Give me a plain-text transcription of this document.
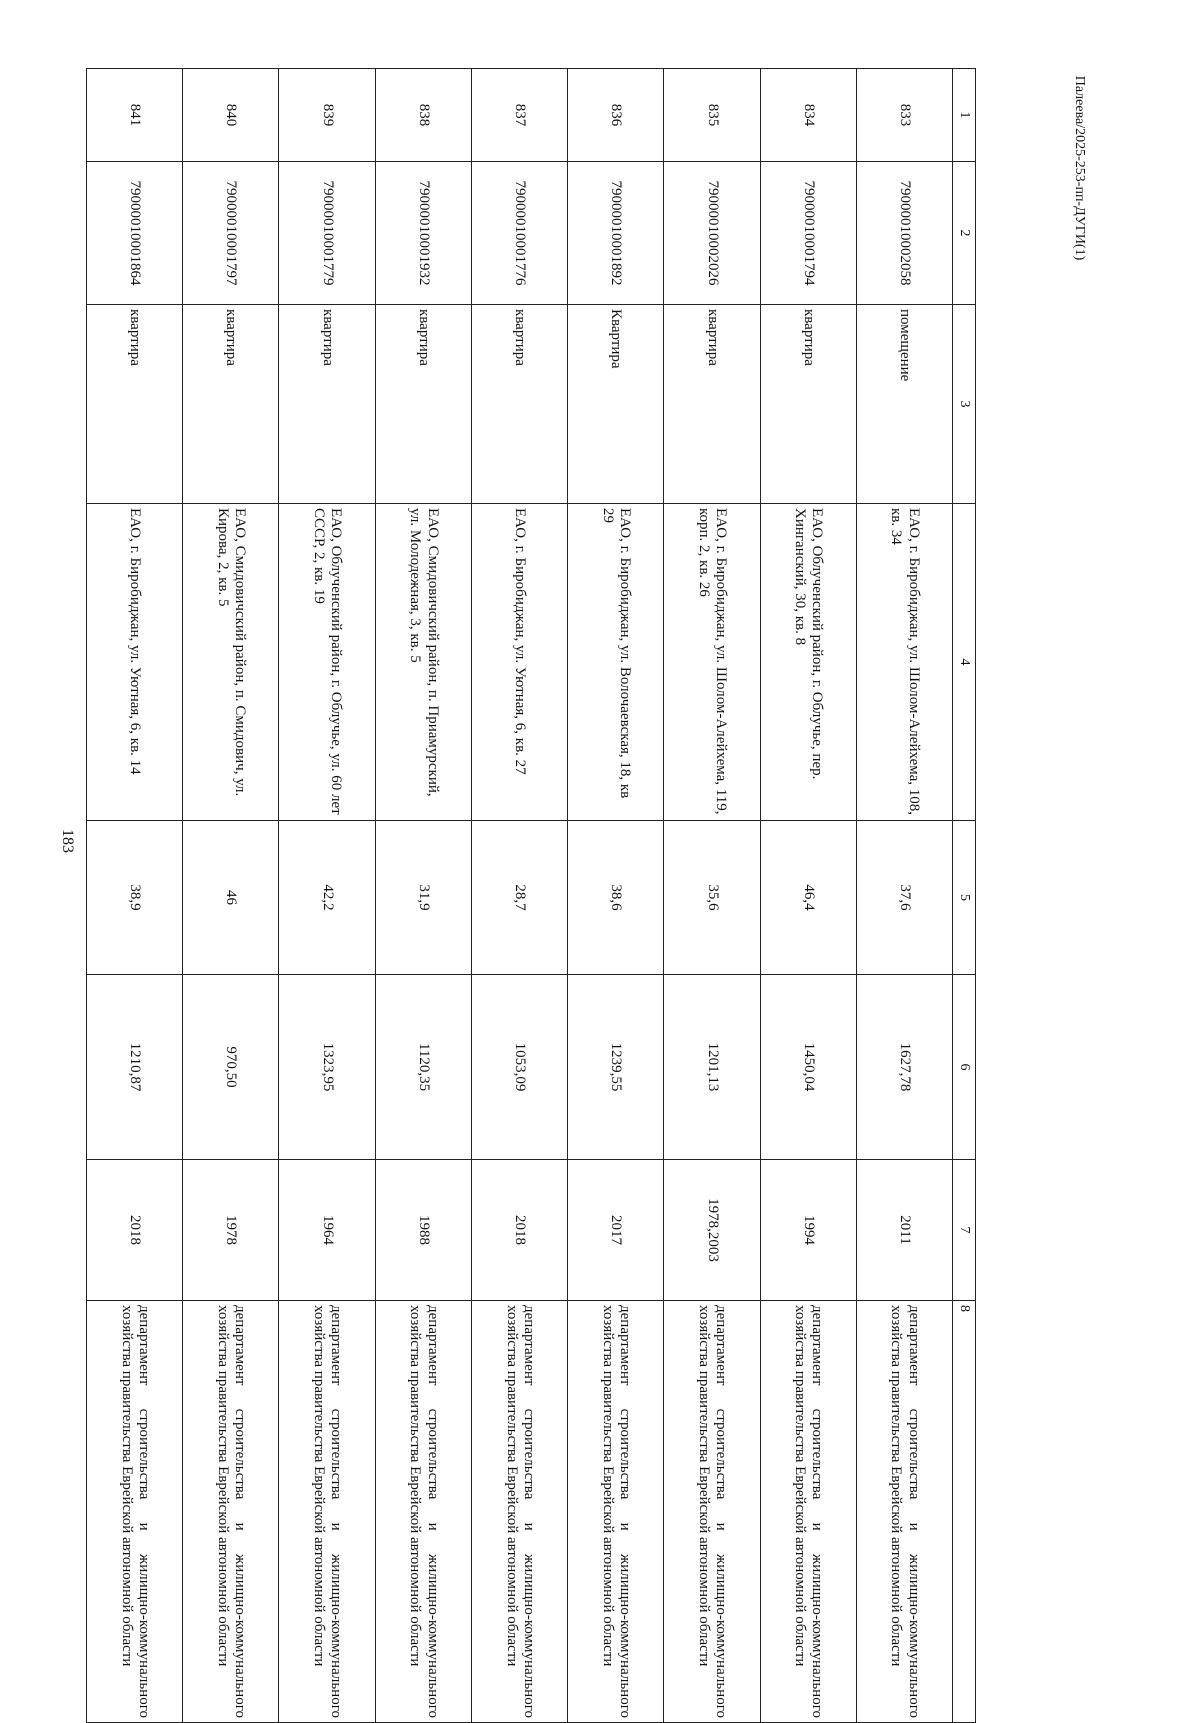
183
1	2	3	4	5	6	7	8
833	79000010002058	помещение	ЕАО, г. Биробиджан, ул. Шолом-Алейхема, 108, кв. 34	37,6	1627,78	2011	департамент строительства и жилищно-коммунального хозяйства правительства Еврейской автономной области
834	79000010001794	квартира	ЕАО, Облученский район, г. Облучье, пер. Хинганский, 30, кв. 8	46,4	1450,04	1994	департамент строительства и жилищно-коммунального хозяйства правительства Еврейской автономной области
835	79000010002026	квартира	ЕАО, г. Биробиджан, ул. Шолом-Алейхема, 119, корп. 2, кв. 26	35,6	1201,13	1978,2003	департамент строительства и жилищно-коммунального хозяйства правительства Еврейской автономной области
836	79000010001892	Квартира	ЕАО, г. Биробиджан, ул. Волочаевская, 18, кв 29	38,6	1239,55	2017	департамент строительства и жилищно-коммунального хозяйства правительства Еврейской автономной области
837	79000010001776	квартира	ЕАО, г. Биробиджан, ул. Уютная, 6, кв. 27	28,7	1053,09	2018	департамент строительства и жилищно-коммунального хозяйства правительства Еврейской автономной области
838	79000010001932	квартира	ЕАО, Смидовичский район, п. Приамурский, ул. Молодежная, 3, кв. 5	31,9	1120,35	1988	департамент строительства и жилищно-коммунального хозяйства правительства Еврейской автономной области
839	79000010001779	квартира	ЕАО, Облученский район, г. Облучье, ул. 60 лет СССР, 2, кв. 19	42,2	1323,95	1964	департамент строительства и жилищно-коммунального хозяйства правительства Еврейской автономной области
840	79000010001797	квартира	ЕАО, Смидовичский район, п. Смидович, ул. Кирова, 2, кв. 5	46	970,50	1978	департамент строительства и жилищно-коммунального хозяйства правительства Еврейской автономной области
841	79000010001864	квартира	ЕАО, г. Биробиджан, ул. Уютная, 6, кв. 14	38,9	1210,87	2018	департамент строительства и жилищно-коммунального хозяйства правительства Еврейской автономной области
Палеева/2025-253-пп-ДУГИ(1)
